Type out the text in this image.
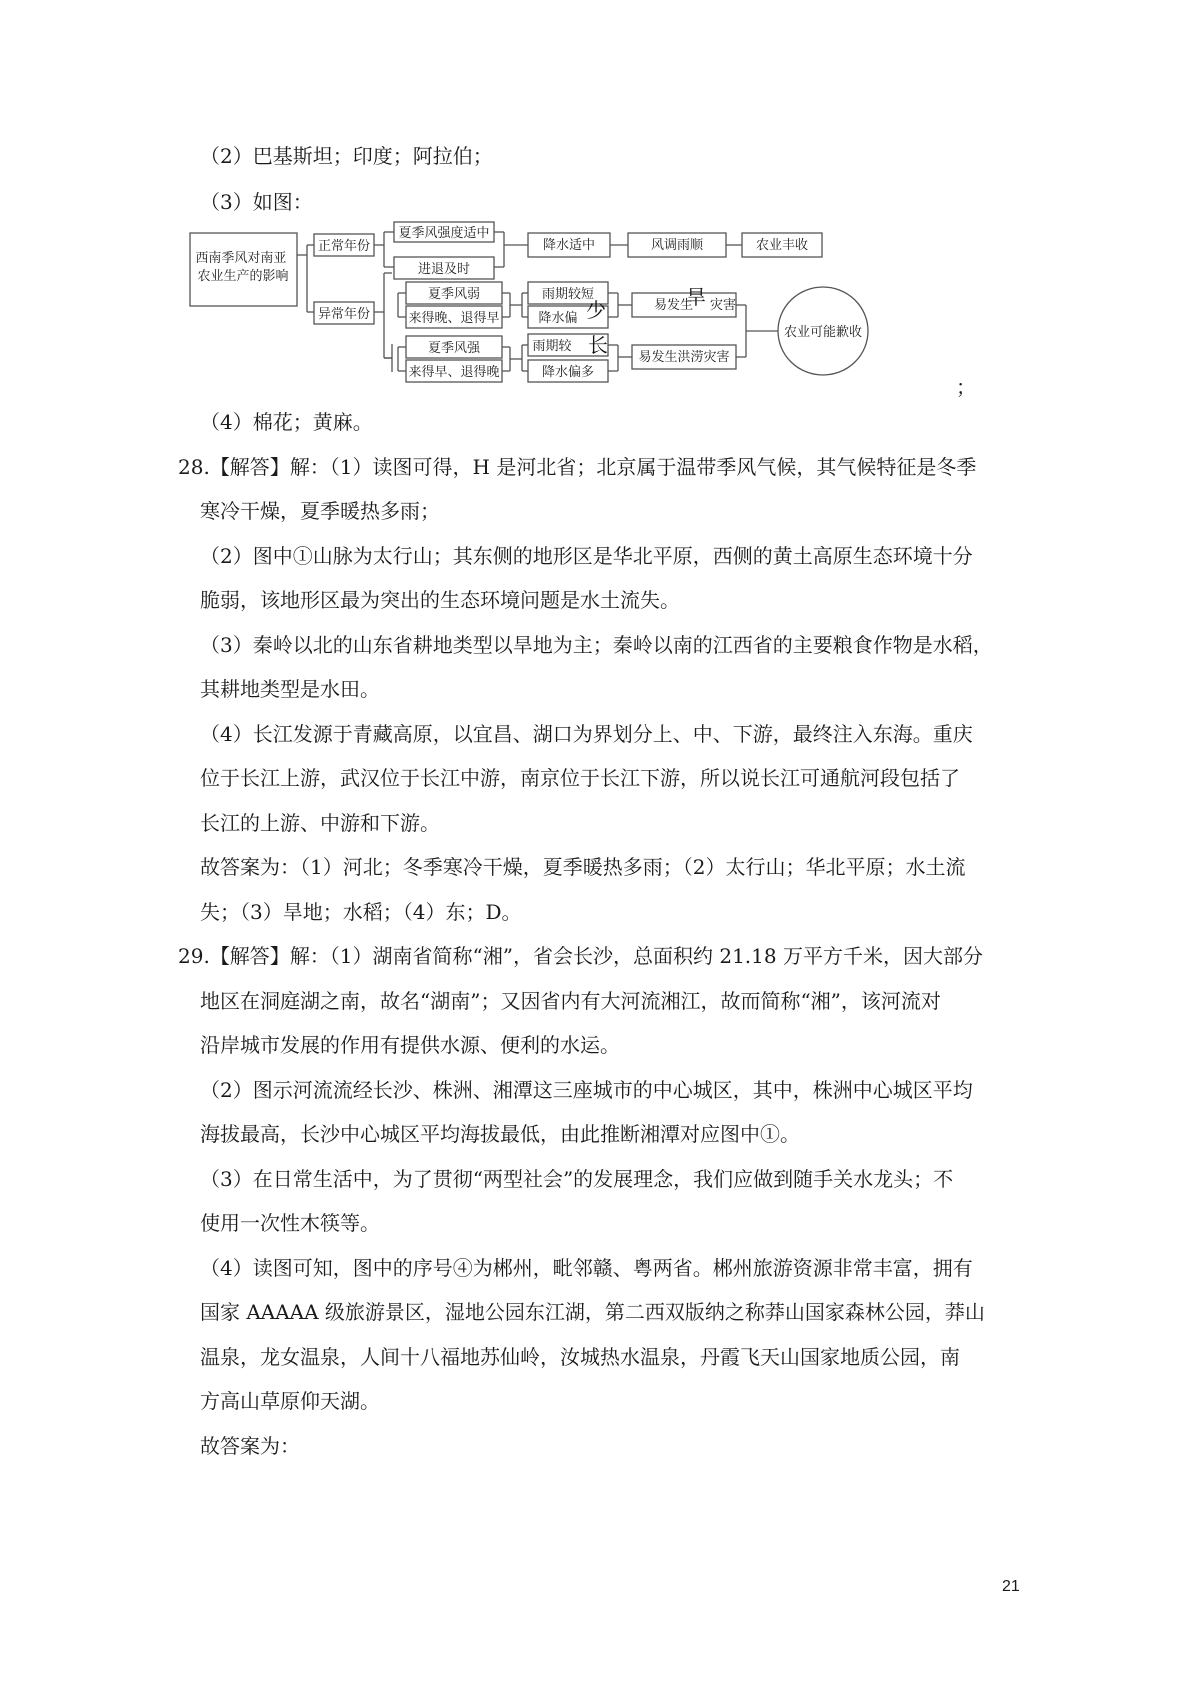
（2）巴基斯坦；印度；阿拉伯；
（3）如图：
西南季风对南亚 农业生产的影响
正常年份
夏季风强度适中
进退及时
降水适中	风调雨顺	农业丰收
异常年份
夏季风弱
来得晚、退得早
雨期较短
降水偏
易发生 灾害
夏季风强
来得早、退得晚
雨期较
降水偏多
易发生洪涝灾害
农业可能歉收
旱
少
长
；
（4）棉花；黄麻。
28.【解答】解：（1）读图可得，H 是河北省；北京属于温带季风气候，其气候特征是冬季
寒冷干燥，夏季暖热多雨；
（2）图中①山脉为太行山；其东侧的地形区是华北平原，西侧的黄土高原生态环境十分
脆弱，该地形区最为突出的生态环境问题是水土流失。
（3）秦岭以北的山东省耕地类型以旱地为主；秦岭以南的江西省的主要粮食作物是水稻，
其耕地类型是水田。
（4）长江发源于青藏高原，以宜昌、湖口为界划分上、中、下游，最终注入东海。重庆
位于长江上游，武汉位于长江中游，南京位于长江下游，所以说长江可通航河段包括了
长江的上游、中游和下游。
故答案为：（1）河北；冬季寒冷干燥，夏季暖热多雨；（2）太行山；华北平原；水土流
失；（3）旱地；水稻；（4）东；D。
29.【解答】解：（1）湖南省简称“湘”，省会长沙，总面积约 21.18 万平方千米，因大部分
地区在洞庭湖之南，故名“湖南”；又因省内有大河流湘江，故而简称“湘”，该河流对
沿岸城市发展的作用有提供水源、便利的水运。
（2）图示河流流经长沙、株洲、湘潭这三座城市的中心城区，其中，株洲中心城区平均
海拔最高，长沙中心城区平均海拔最低，由此推断湘潭对应图中①。
（3）在日常生活中，为了贯彻“两型社会”的发展理念，我们应做到随手关水龙头；不
使用一次性木筷等。
（4）读图可知，图中的序号④为郴州，毗邻赣、粤两省。郴州旅游资源非常丰富，拥有
国家 AAAAA 级旅游景区，湿地公园东江湖，第二西双版纳之称莽山国家森林公园，莽山
温泉，龙女温泉，人间十八福地苏仙岭，汝城热水温泉，丹霞飞天山国家地质公园，南
方高山草原仰天湖。
故答案为：
21
